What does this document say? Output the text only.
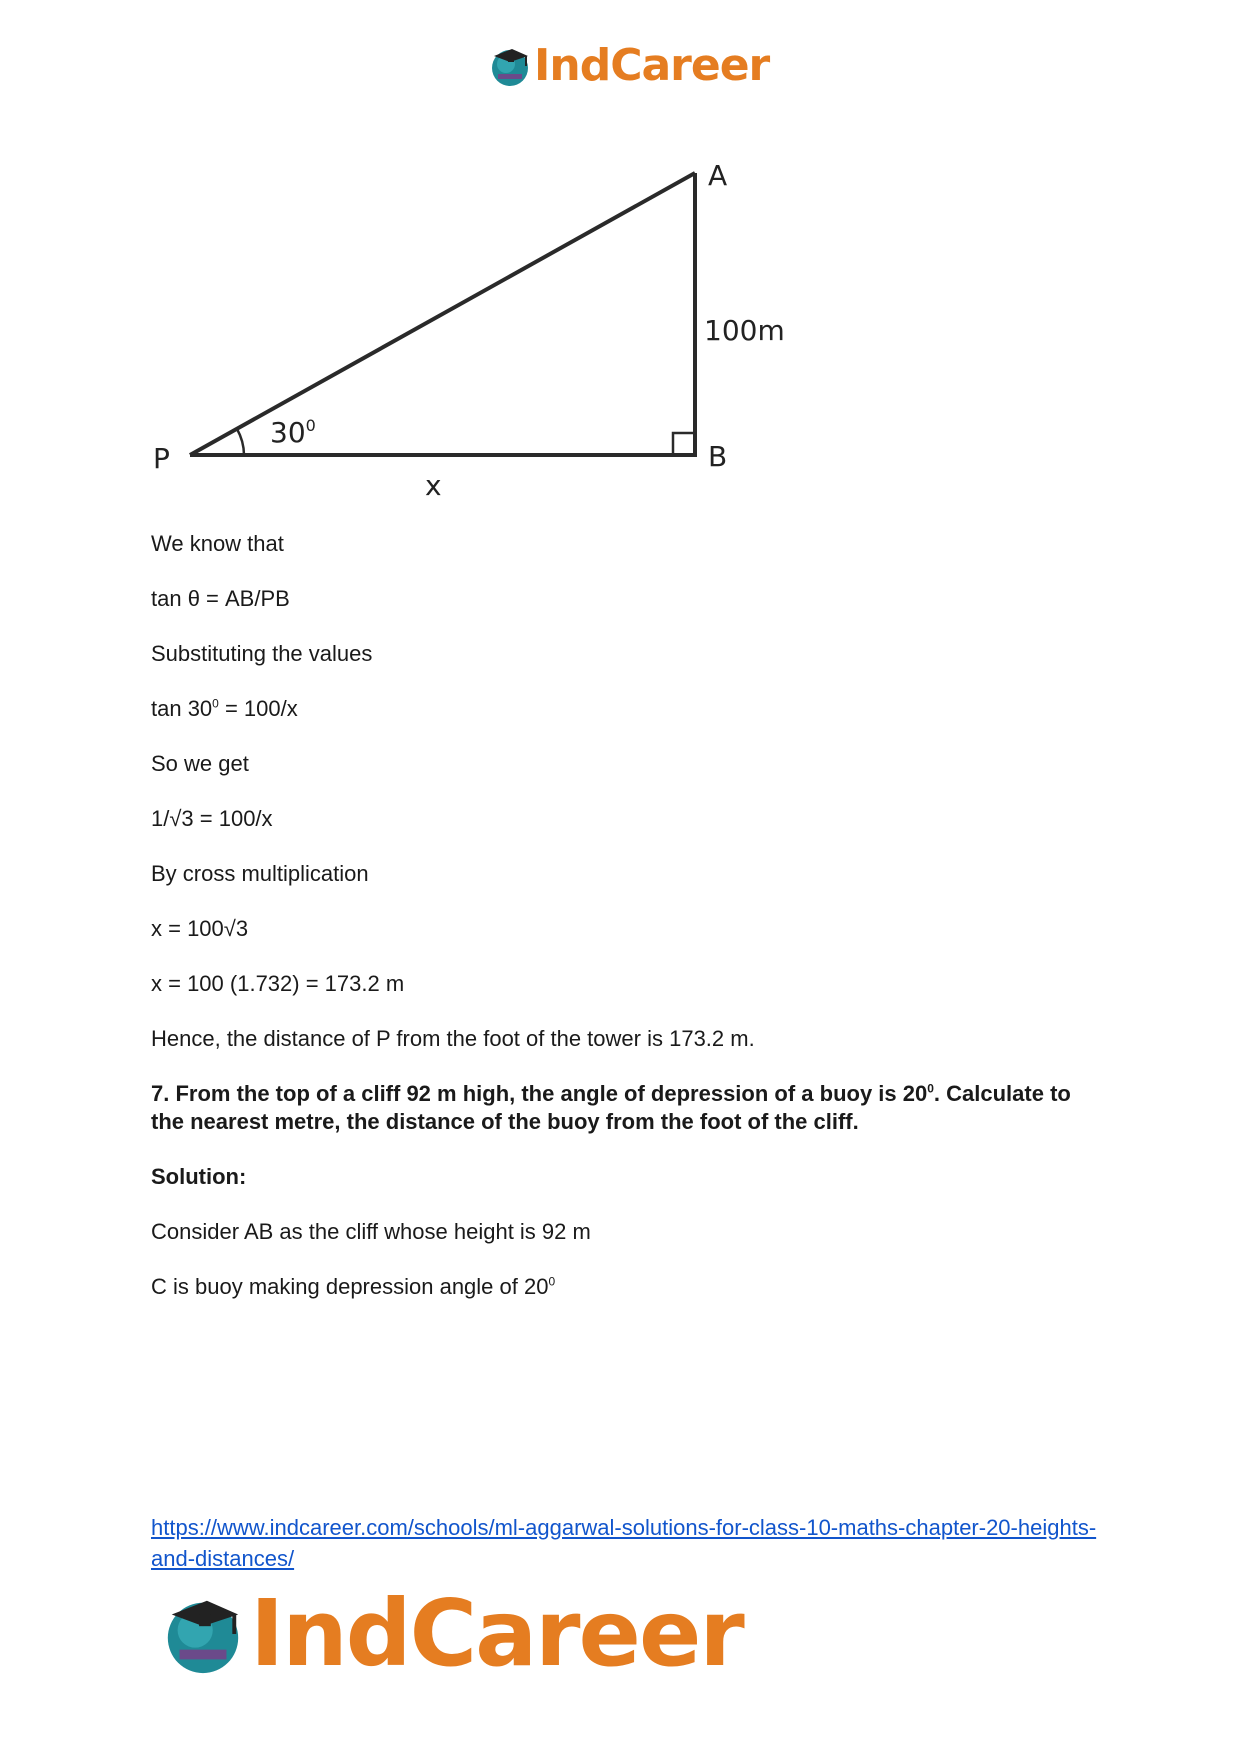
IndCareer
A
B
P
100m
x
$30^0$

We know that

tan θ = AB/PB

Substituting the values

$\tan 30^0 = 100/x$

So we get

1/√3 = 100/x

By cross multiplication

x = 100√3

x = 100 (1.732) = 173.2 m

Hence, the distance of P from the foot of the tower is 173.2 m.

7. From the top of a cliff 92 m high, the angle of depression of a buoy is $20^0$. Calculate to the nearest metre, the distance of the buoy from the foot of the cliff.

Solution:

Consider AB as the cliff whose height is 92 m

C is buoy making depression angle of $20^0$

https://www.indcareer.com/schools/ml-aggarwal-solutions-for-class-10-maths-chapter-20-heights-and-distances/
IndCareer
